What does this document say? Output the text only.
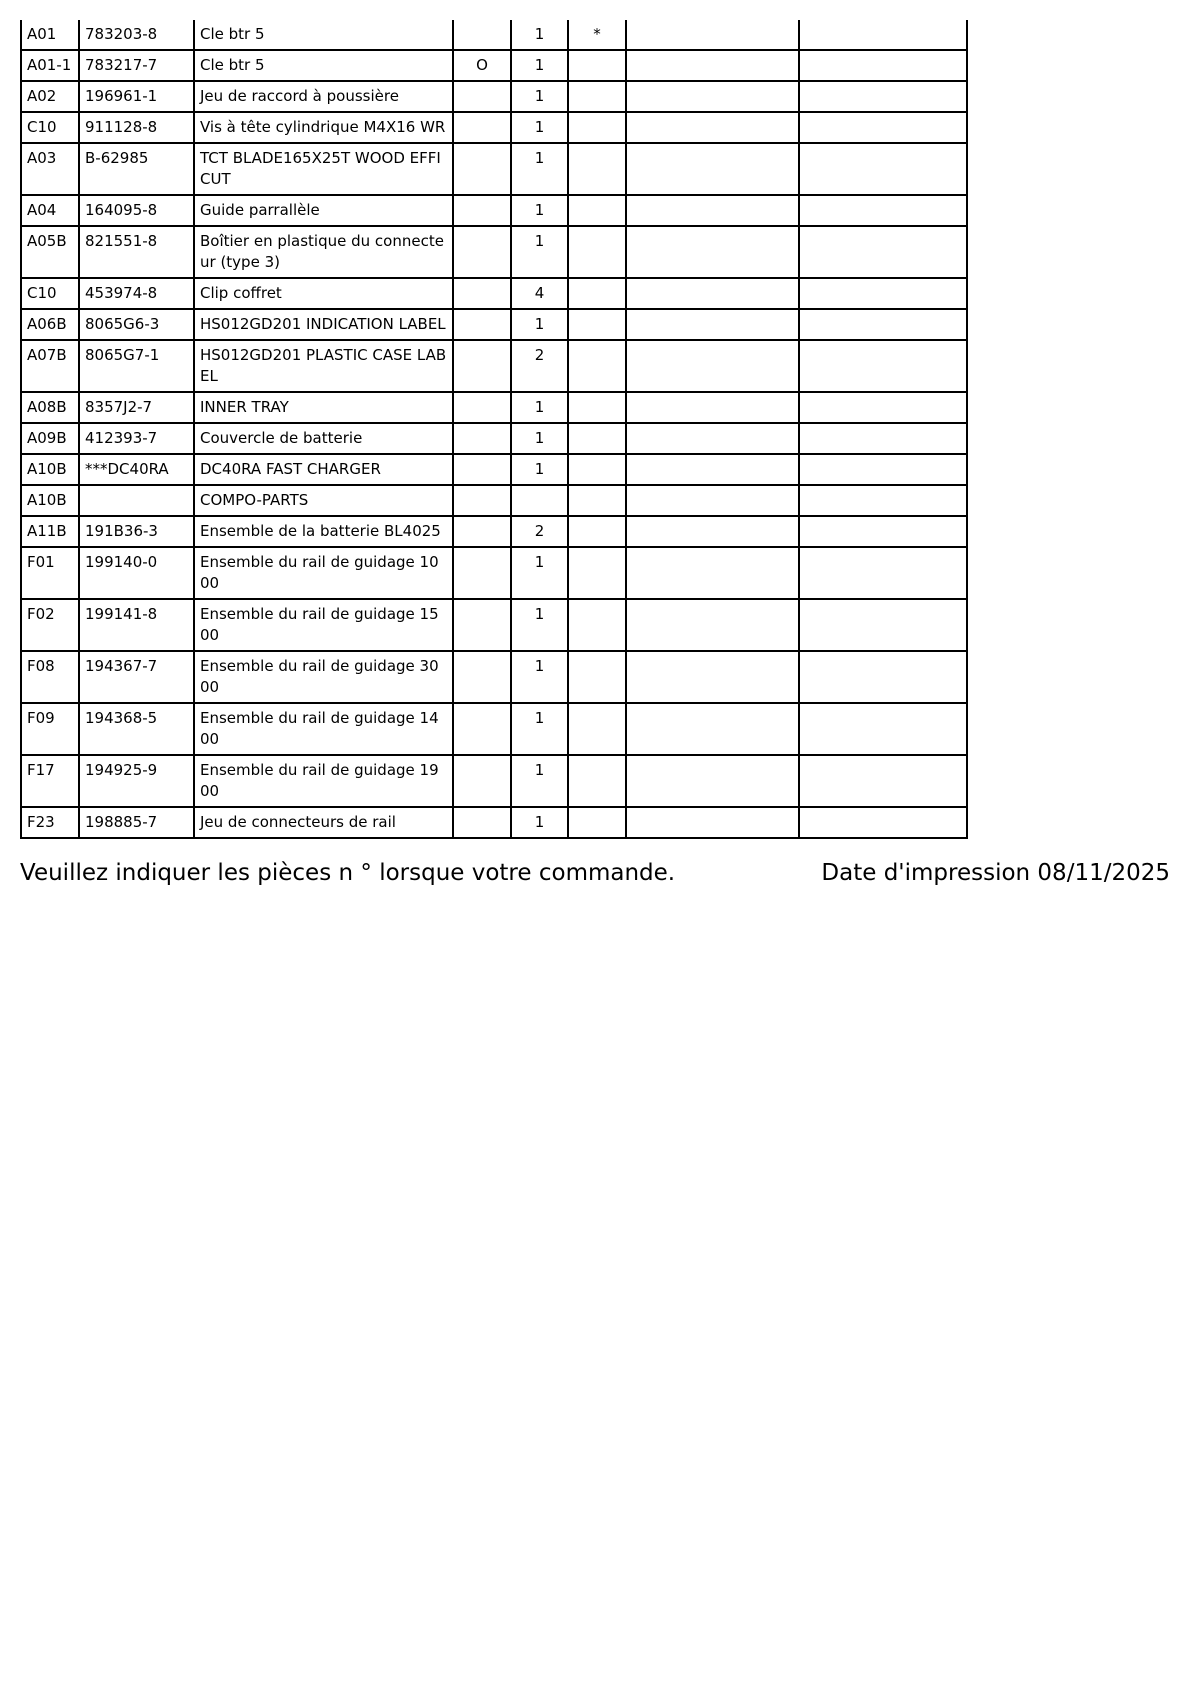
A01	783203-8	Cle btr 5		1	*		
A01-1	783217-7	Cle btr 5	O	1			
A02	196961-1	Jeu de raccord à poussière		1			
C10	911128-8	Vis à tête cylindrique M4X16 WR		1			
A03	B-62985	TCT BLADE165X25T WOOD EFFICUT		1			
A04	164095-8	Guide parrallèle		1			
A05B	821551-8	Boîtier en plastique du connecteur (type 3)		1			
C10	453974-8	Clip coffret		4			
A06B	8065G6-3	HS012GD201 INDICATION LABEL		1			
A07B	8065G7-1	HS012GD201 PLASTIC CASE LABEL		2			
A08B	8357J2-7	INNER TRAY		1			
A09B	412393-7	Couvercle de batterie		1			
A10B	***DC40RA	DC40RA FAST CHARGER		1			
A10B		COMPO-PARTS					
A11B	191B36-3	Ensemble de la batterie BL4025		2			
F01	199140-0	Ensemble du rail de guidage 1000		1			
F02	199141-8	Ensemble du rail de guidage 1500		1			
F08	194367-7	Ensemble du rail de guidage 3000		1			
F09	194368-5	Ensemble du rail de guidage 1400		1			
F17	194925-9	Ensemble du rail de guidage 1900		1			
F23	198885-7	Jeu de connecteurs de rail		1			
Veuillez indiquer les pièces n ° lorsque votre commande.	Date d'impression 08/11/2025
